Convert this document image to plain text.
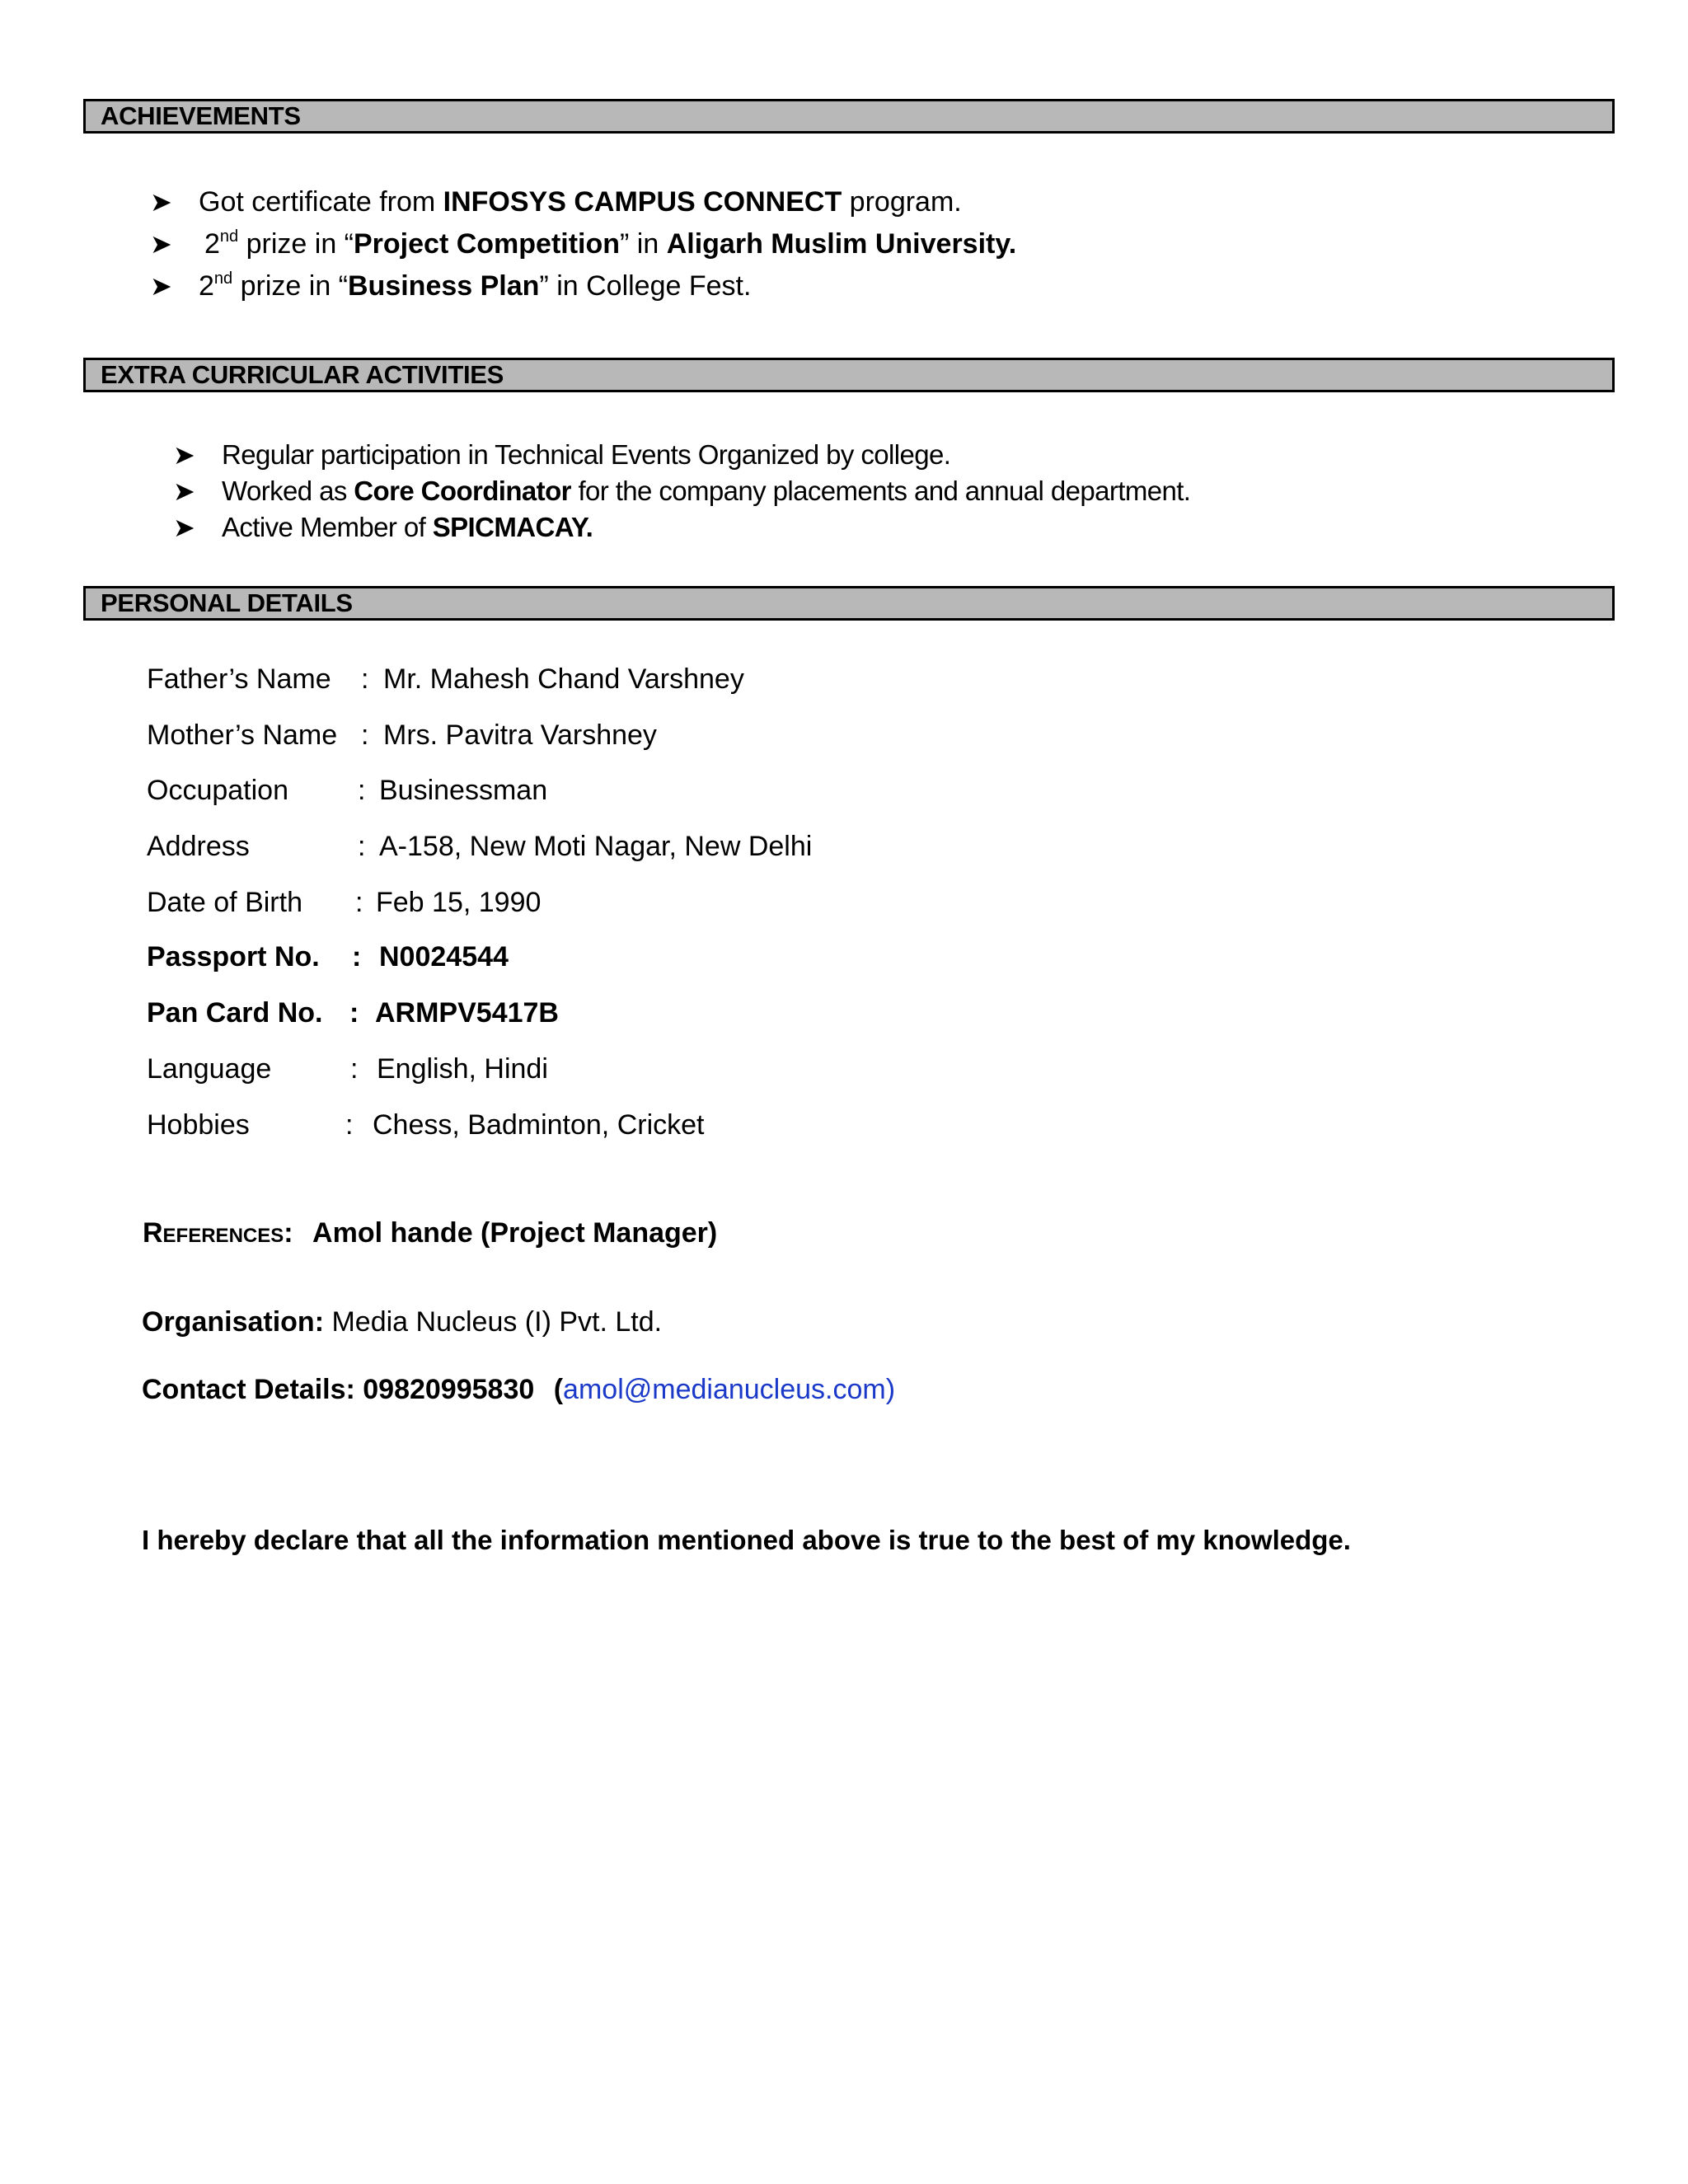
ACHIEVEMENTS
➤ Got certificate from INFOSYS CAMPUS CONNECT program.
➤ 2nd prize in “Project Competition” in Aligarh Muslim University.
➤ 2nd prize in “Business Plan” in College Fest.
EXTRA CURRICULAR ACTIVITIES
➤ Regular participation in Technical Events Organized by college.
➤ Worked as Core Coordinator for the company placements and annual department.
➤ Active Member of SPICMACAY.
PERSONAL DETAILS
Father’s Name : Mr. Mahesh Chand Varshney
Mother’s Name : Mrs. Pavitra Varshney
Occupation : Businessman
Address	: A-158, New Moti Nagar, New Delhi
Date of Birth : Feb 15, 1990
Passport No. : N0024544
Pan Card No. : ARMPV5417B
Language	: English, Hindi
Hobbies	: Chess, Badminton, Cricket
References: Amol hande (Project Manager)
Organisation: Media Nucleus (I) Pvt. Ltd.
Contact Details: 09820995830 (amol@medianucleus.com)
I hereby declare that all the information mentioned above is true to the best of my knowledge.
